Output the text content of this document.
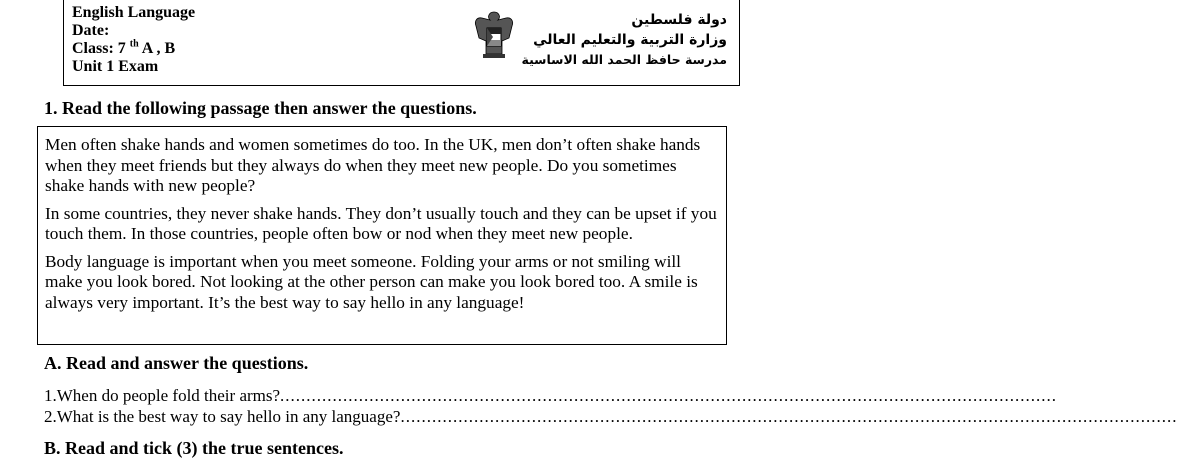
English Language
Date:
Class: 7 $^{th}$ A , B
Unit 1 Exam
دولة فلسطين
وزارة التربية والتعليم العالي
مدرسة حافظ الحمد الله الاساسية
1. Read the following passage then answer the questions.

Men often shake hands and women sometimes do too. In the UK, men don’t often shake hands when they meet friends but they always do when they meet new people. Do you sometimes shake hands with new people?

In some countries, they never shake hands. They don’t usually touch and they can be upset if you touch them. In those countries, people often bow or nod when they meet new people.

Body language is important when you meet someone. Folding your arms or not smiling will make you look bored. Not looking at the other person can make you look bored too. A smile is always very important. It’s the best way to say hello in any language!

A. Read and answer the questions.
1. When do people fold their arms? ....................................................................................................................................................
2. What is the best way to say hello in any language? ....................................................................................................................................................
B. Read and tick (3) the true sentences.
